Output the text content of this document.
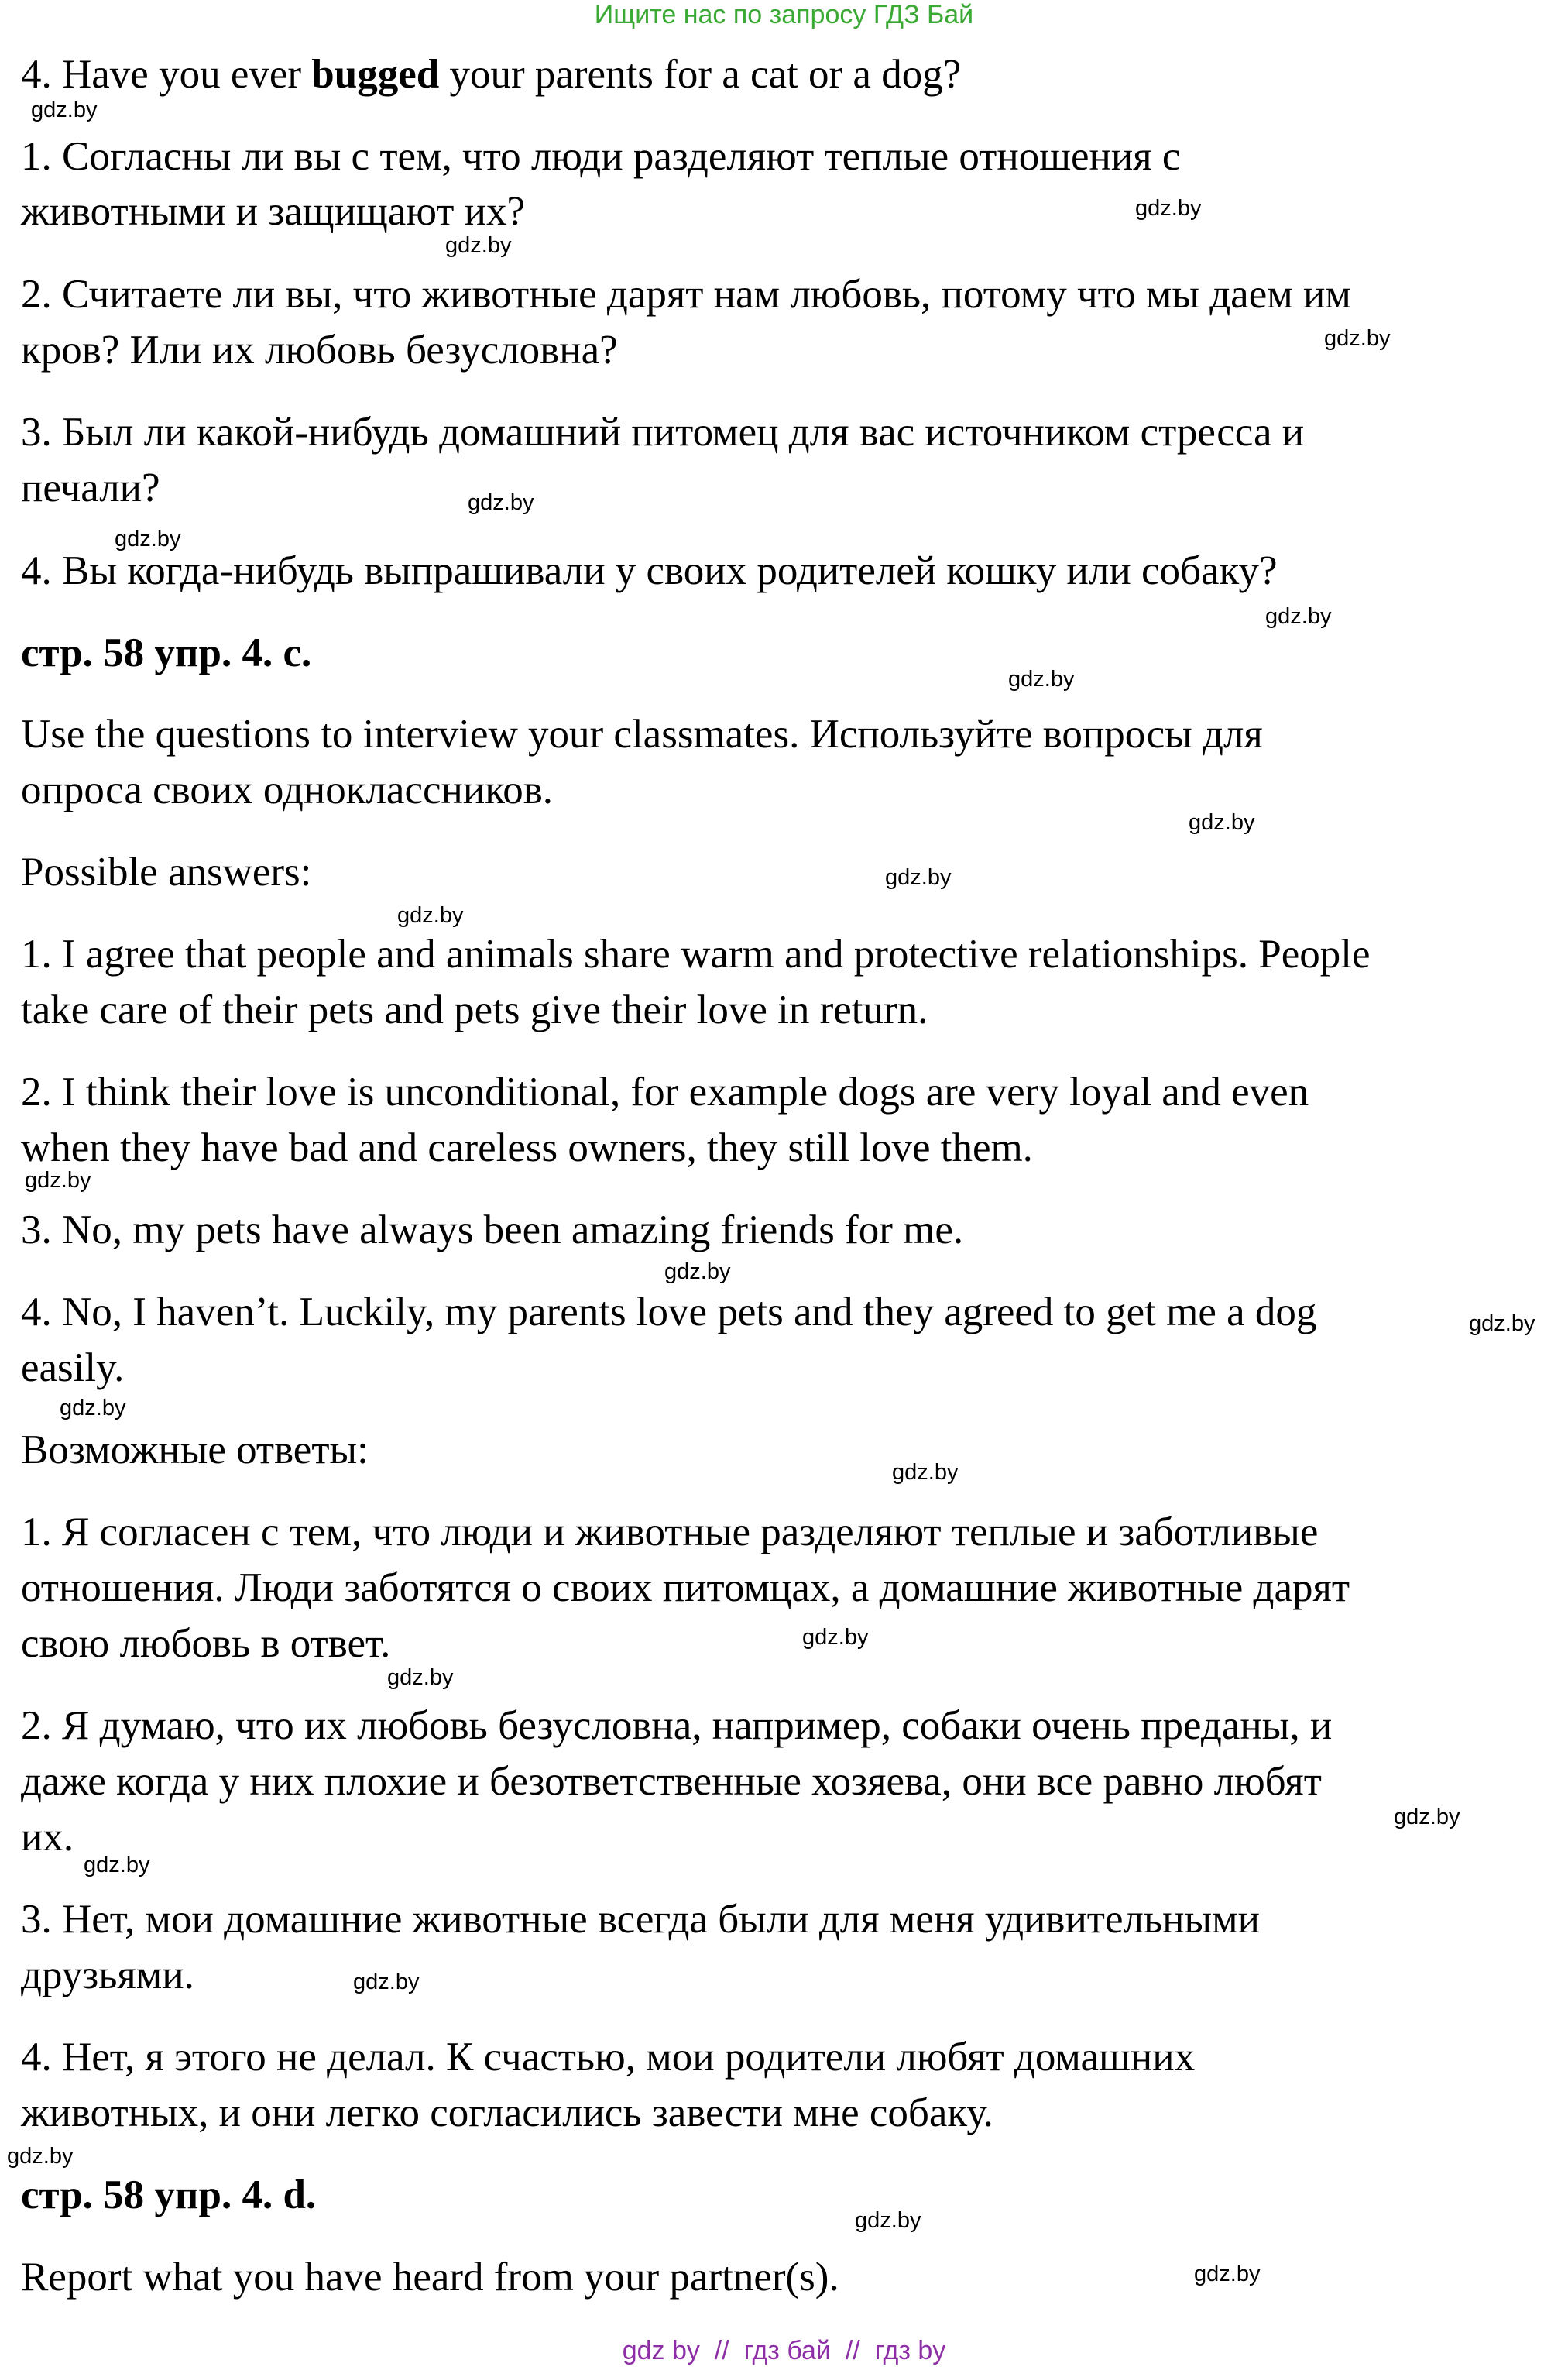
Ищите нас по запросу ГДЗ Бай
4. Have you ever bugged your parents for a cat or a dog?
1. Согласны ли вы с тем, что люди разделяют теплые отношения с
животными и защищают их?
2. Считаете ли вы, что животные дарят нам любовь, потому что мы даем им
кров? Или их любовь безусловна?
3. Был ли какой-нибудь домашний питомец для вас источником стресса и
печали?
4. Вы когда-нибудь выпрашивали у своих родителей кошку или собаку?
стр. 58 упр. 4. c.
Use the questions to interview your classmates. Используйте вопросы для
опроса своих одноклассников.
Possible answers:
1. I agree that people and animals share warm and protective relationships. People
take care of their pets and pets give their love in return.
2. I think their love is unconditional, for example dogs are very loyal and even
when they have bad and careless owners, they still love them.
3. No, my pets have always been amazing friends for me.
4. No, I haven’t. Luckily, my parents love pets and they agreed to get me a dog
easily.
Возможные ответы:
1. Я согласен с тем, что люди и животные разделяют теплые и заботливые
отношения. Люди заботятся о своих питомцах, а домашние животные дарят
свою любовь в ответ.
2. Я думаю, что их любовь безусловна, например, собаки очень преданы, и
даже когда у них плохие и безответственные хозяева, они все равно любят
их.
3. Нет, мои домашние животные всегда были для меня удивительными
друзьями.
4. Нет, я этого не делал. К счастью, мои родители любят домашних
животных, и они легко согласились завести мне собаку.
стр. 58 упр. 4. d.
Report what you have heard from your partner(s).
gdz.by
gdz.by
gdz.by
gdz.by
gdz.by
gdz.by
gdz.by
gdz.by
gdz.by
gdz.by
gdz.by
gdz.by
gdz.by
gdz.by
gdz.by
gdz.by
gdz.by
gdz.by
gdz.by
gdz.by
gdz.by
gdz.by
gdz.by
gdz.by
gdz by  //  гдз бай  //  гдз by
